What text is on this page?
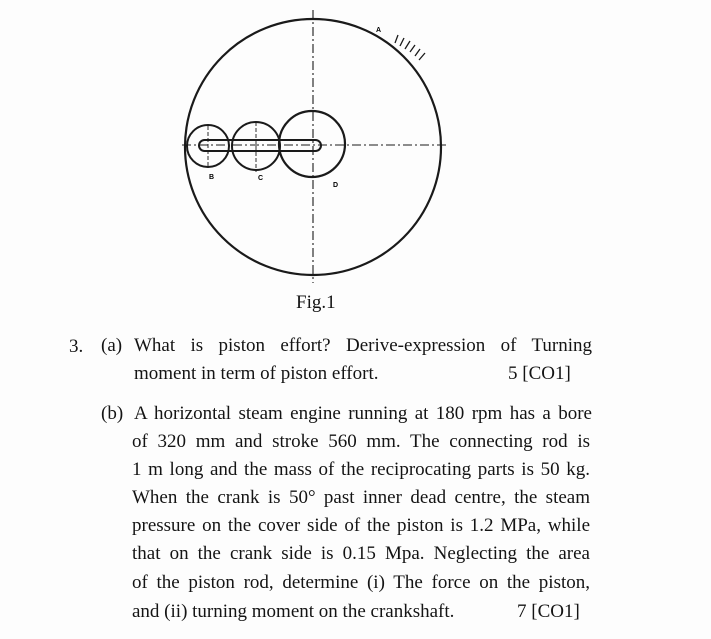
A
B	C
D
Fig.1
3. (a) What is piston effort? Derive-expression of Turning
moment in term of piston effort.	5 [CO1]
(b) A horizontal steam engine running at 180 rpm has a bore
of 320 mm and stroke 560 mm. The connecting rod is
1 m long and the mass of the reciprocating parts is 50 kg.
When the crank is 50° past inner dead centre, the steam
pressure on the cover side of the piston is 1.2 MPa, while
that on the crank side is 0.15 Mpa. Neglecting the area
of the piston rod, determine (i) The force on the piston,
and (ii) turning moment on the crankshaft.	7 [CO1]
